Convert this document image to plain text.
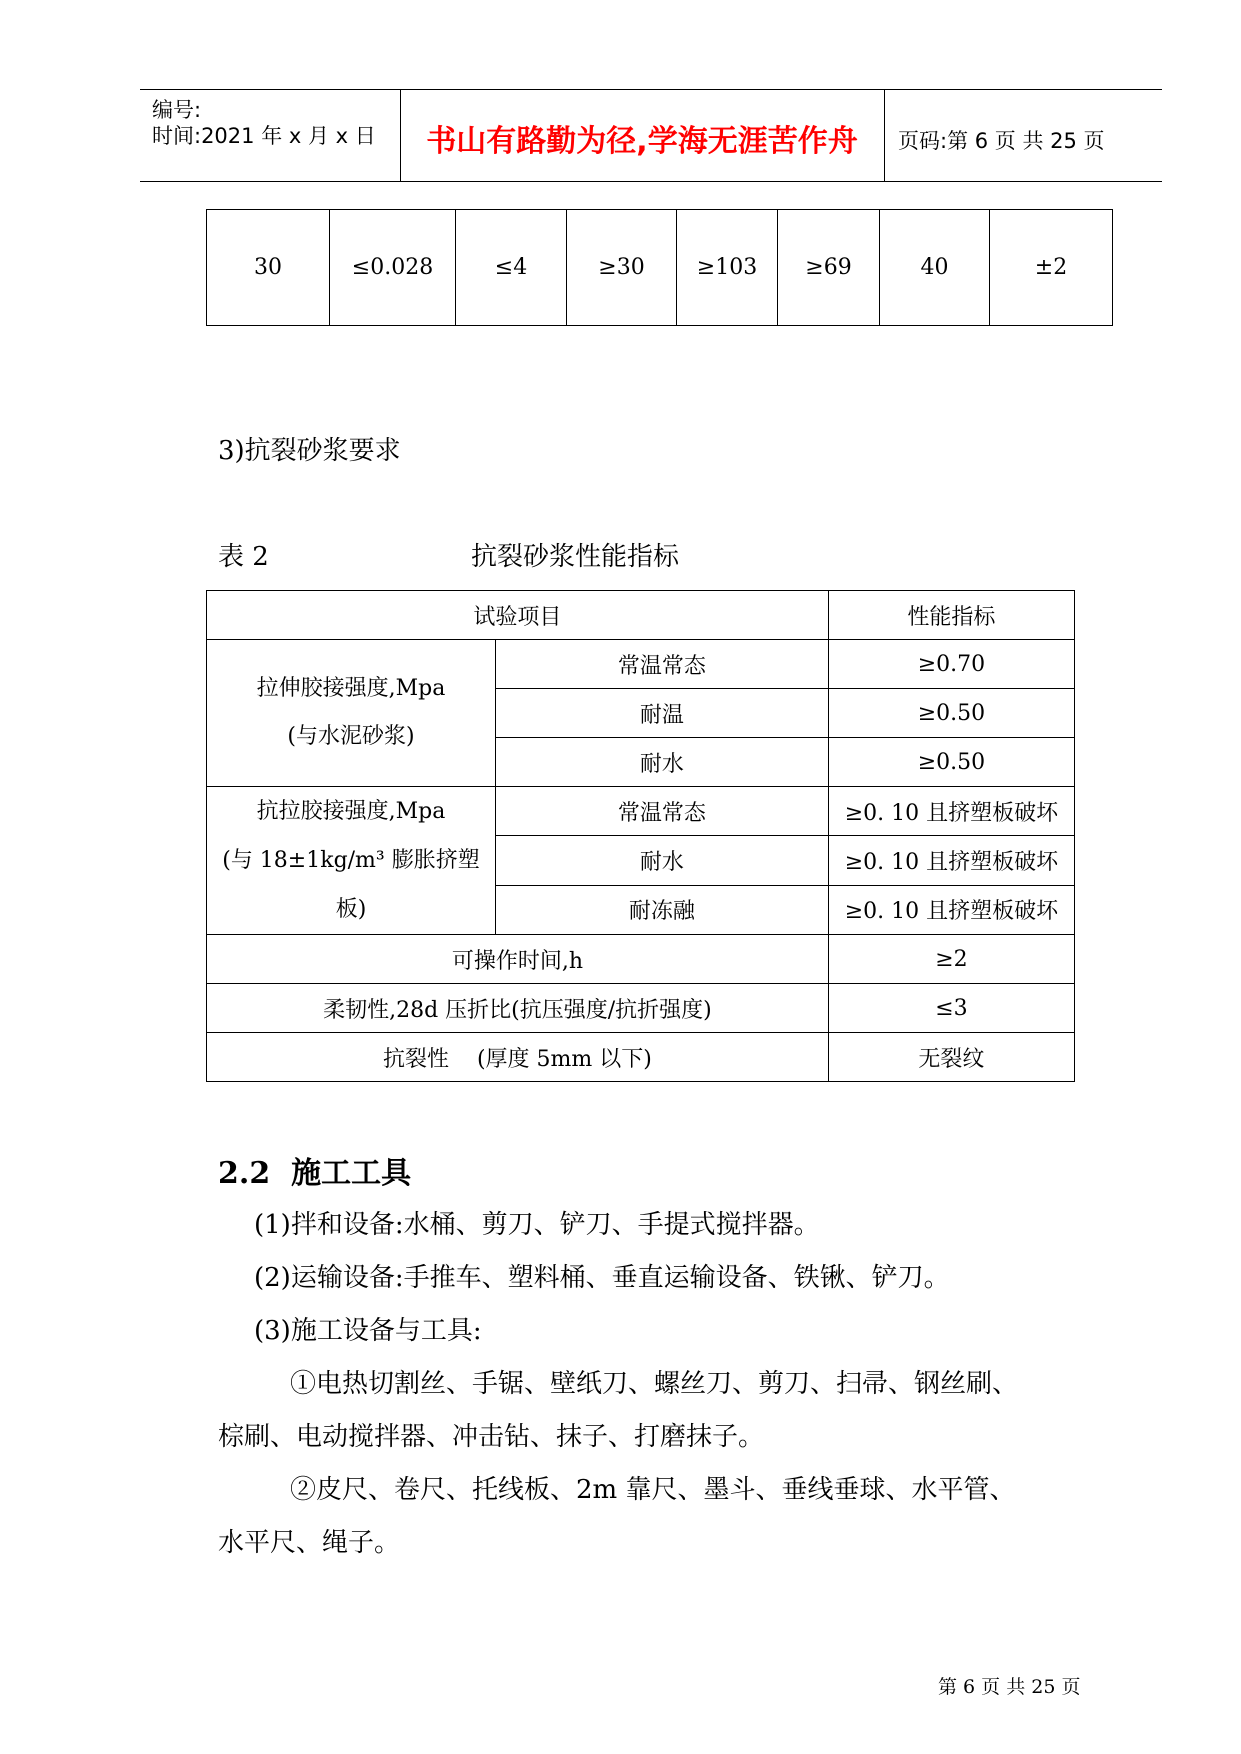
编号:
时间:2021 年 x 月 x 日	书山有路勤为径,学海无涯苦作舟	页码:第 6 页 共 25 页
30	≤0.028	≤4	≥30	≥103	≥69	40	±2
3)抗裂砂浆要求
表 2	抗裂砂浆性能指标
试验项目		性能指标

拉伸胶接强度,Mpa
(与水泥砂浆)	常温常态	≥0.70
	耐温	≥0.50
	耐水	≥0.50

抗拉胶接强度,Mpa
(与 18±1kg/m³ 膨胀挤塑
板)	常温常态	≥0. 10 且挤塑板破坏
	耐水	≥0. 10 且挤塑板破坏
	耐冻融	≥0. 10 且挤塑板破坏
可操作时间,h		≥2
柔韧性,28d 压折比(抗压强度/抗折强度)		≤3
抗裂性    (厚度 5mm 以下)		无裂纹
2.2  施工工具
(1)拌和设备:水桶、剪刀、铲刀、手提式搅拌器。
(2)运输设备:手推车、塑料桶、垂直运输设备、铁锹、铲刀。
(3)施工设备与工具:
①电热切割丝、手锯、壁纸刀、螺丝刀、剪刀、扫帚、钢丝刷、
棕刷、电动搅拌器、冲击钻、抹子、打磨抹子。
②皮尺、卷尺、托线板、2m 靠尺、墨斗、垂线垂球、水平管、
水平尺、绳子。
第 6 页 共 25 页
